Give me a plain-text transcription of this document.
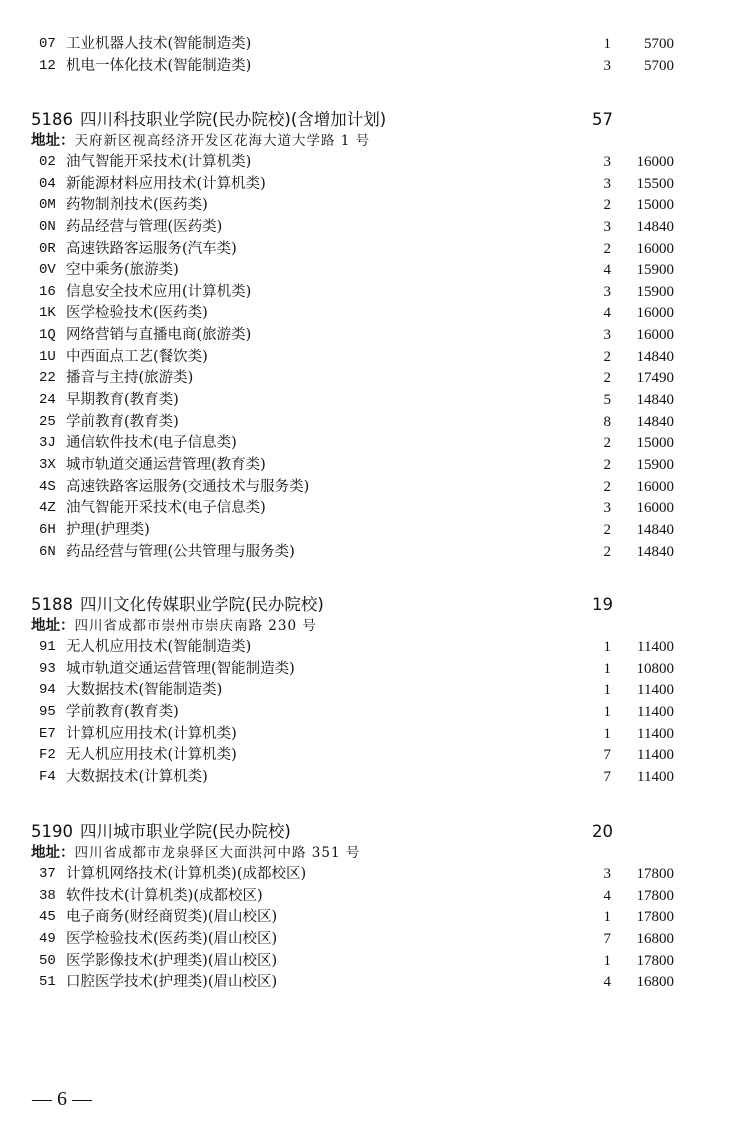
07 工业机器人技术(智能制造类)	1 5700
12 机电一体化技术(智能制造类)	3 5700
5186 四川科技职业学院(民办院校)(含增加计划)	57
地址：天府新区视高经济开发区花海大道大学路 1 号
02 油气智能开采技术(计算机类)	3 16000
04 新能源材料应用技术(计算机类)	3 15500
0M 药物制剂技术(医药类)	2 15000
0N 药品经营与管理(医药类)	3 14840
0R 高速铁路客运服务(汽车类)	2 16000
0V 空中乘务(旅游类)	4 15900
16 信息安全技术应用(计算机类)	3 15900
1K 医学检验技术(医药类)	4 16000
1Q 网络营销与直播电商(旅游类)	3 16000
1U 中西面点工艺(餐饮类)	2 14840
22 播音与主持(旅游类)	2 17490
24 早期教育(教育类)	5 14840
25 学前教育(教育类)	8 14840
3J 通信软件技术(电子信息类)	2 15000
3X 城市轨道交通运营管理(教育类)	2 15900
4S 高速铁路客运服务(交通技术与服务类)	2 16000
4Z 油气智能开采技术(电子信息类)	3 16000
6H 护理(护理类)	2 14840
6N 药品经营与管理(公共管理与服务类)	2 14840
5188 四川文化传媒职业学院(民办院校)	19
地址：四川省成都市崇州市崇庆南路 230 号
91 无人机应用技术(智能制造类)	1 11400
93 城市轨道交通运营管理(智能制造类)	1 10800
94 大数据技术(智能制造类)	1 11400
95 学前教育(教育类)	1 11400
E7 计算机应用技术(计算机类)	1 11400
F2 无人机应用技术(计算机类)	7 11400
F4 大数据技术(计算机类)	7 11400
5190 四川城市职业学院(民办院校)	20
地址：四川省成都市龙泉驿区大面洪河中路 351 号
37 计算机网络技术(计算机类)(成都校区)	3 17800
38 软件技术(计算机类)(成都校区)	4 17800
45 电子商务(财经商贸类)(眉山校区)	1 17800
49 医学检验技术(医药类)(眉山校区)	7 16800
50 医学影像技术(护理类)(眉山校区)	1 17800
51 口腔医学技术(护理类)(眉山校区)	4 16800
— 6 —
